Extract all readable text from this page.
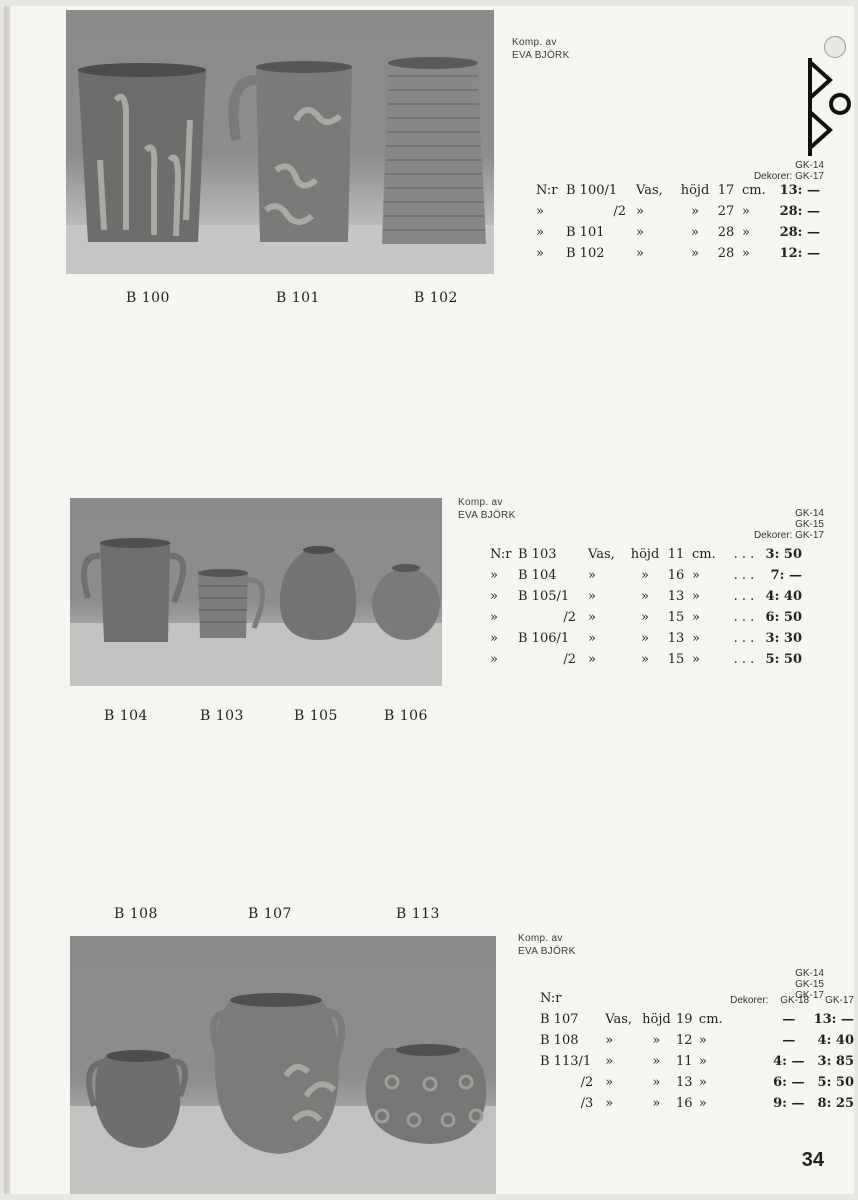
Komp. av
EVA BJÖRK
GK-14
Dekorer: GK-17
N:r	B 100/1	Vas,	höjd	17	cm.	13: —
»	/2	»	»	27	»	28: —
»	B 101	»	»	28	»	28: —
»	B 102	»	»	28	»	12: —
B 100	B 101	B 102
Komp. av
EVA BJÖRK	GK-14
GK-15
Dekorer: GK-17
N:r	B 103	Vas,	höjd	11	cm.	. . .	3: 50
»	B 104	»	»	16	»	. . .	7: —
»	B 105/1	»	»	13	»	. . .	4: 40
»	/2	»	»	15	»	. . .	6: 50
»	B 106/1	»	»	13	»	. . .	3: 30
»	/2	»	»	15	»	. . .	5: 50
B 104	B 103	B 105	B 106
B 108	B 107	B 113
Komp. av
EVA BJÖRK
GK-14
GK-15
GK-17
N:r					Dekorer:	GK-18	GK-17
B 107	Vas,	höjd	19	cm.		—	13: —
B 108	»	»	12	»		—	4: 40
B 113/1	»	»	11	»		4: —	3: 85
/2	»	»	13	»		6: —	5: 50
/3	»	»	16	»		9: —	8: 25
34
